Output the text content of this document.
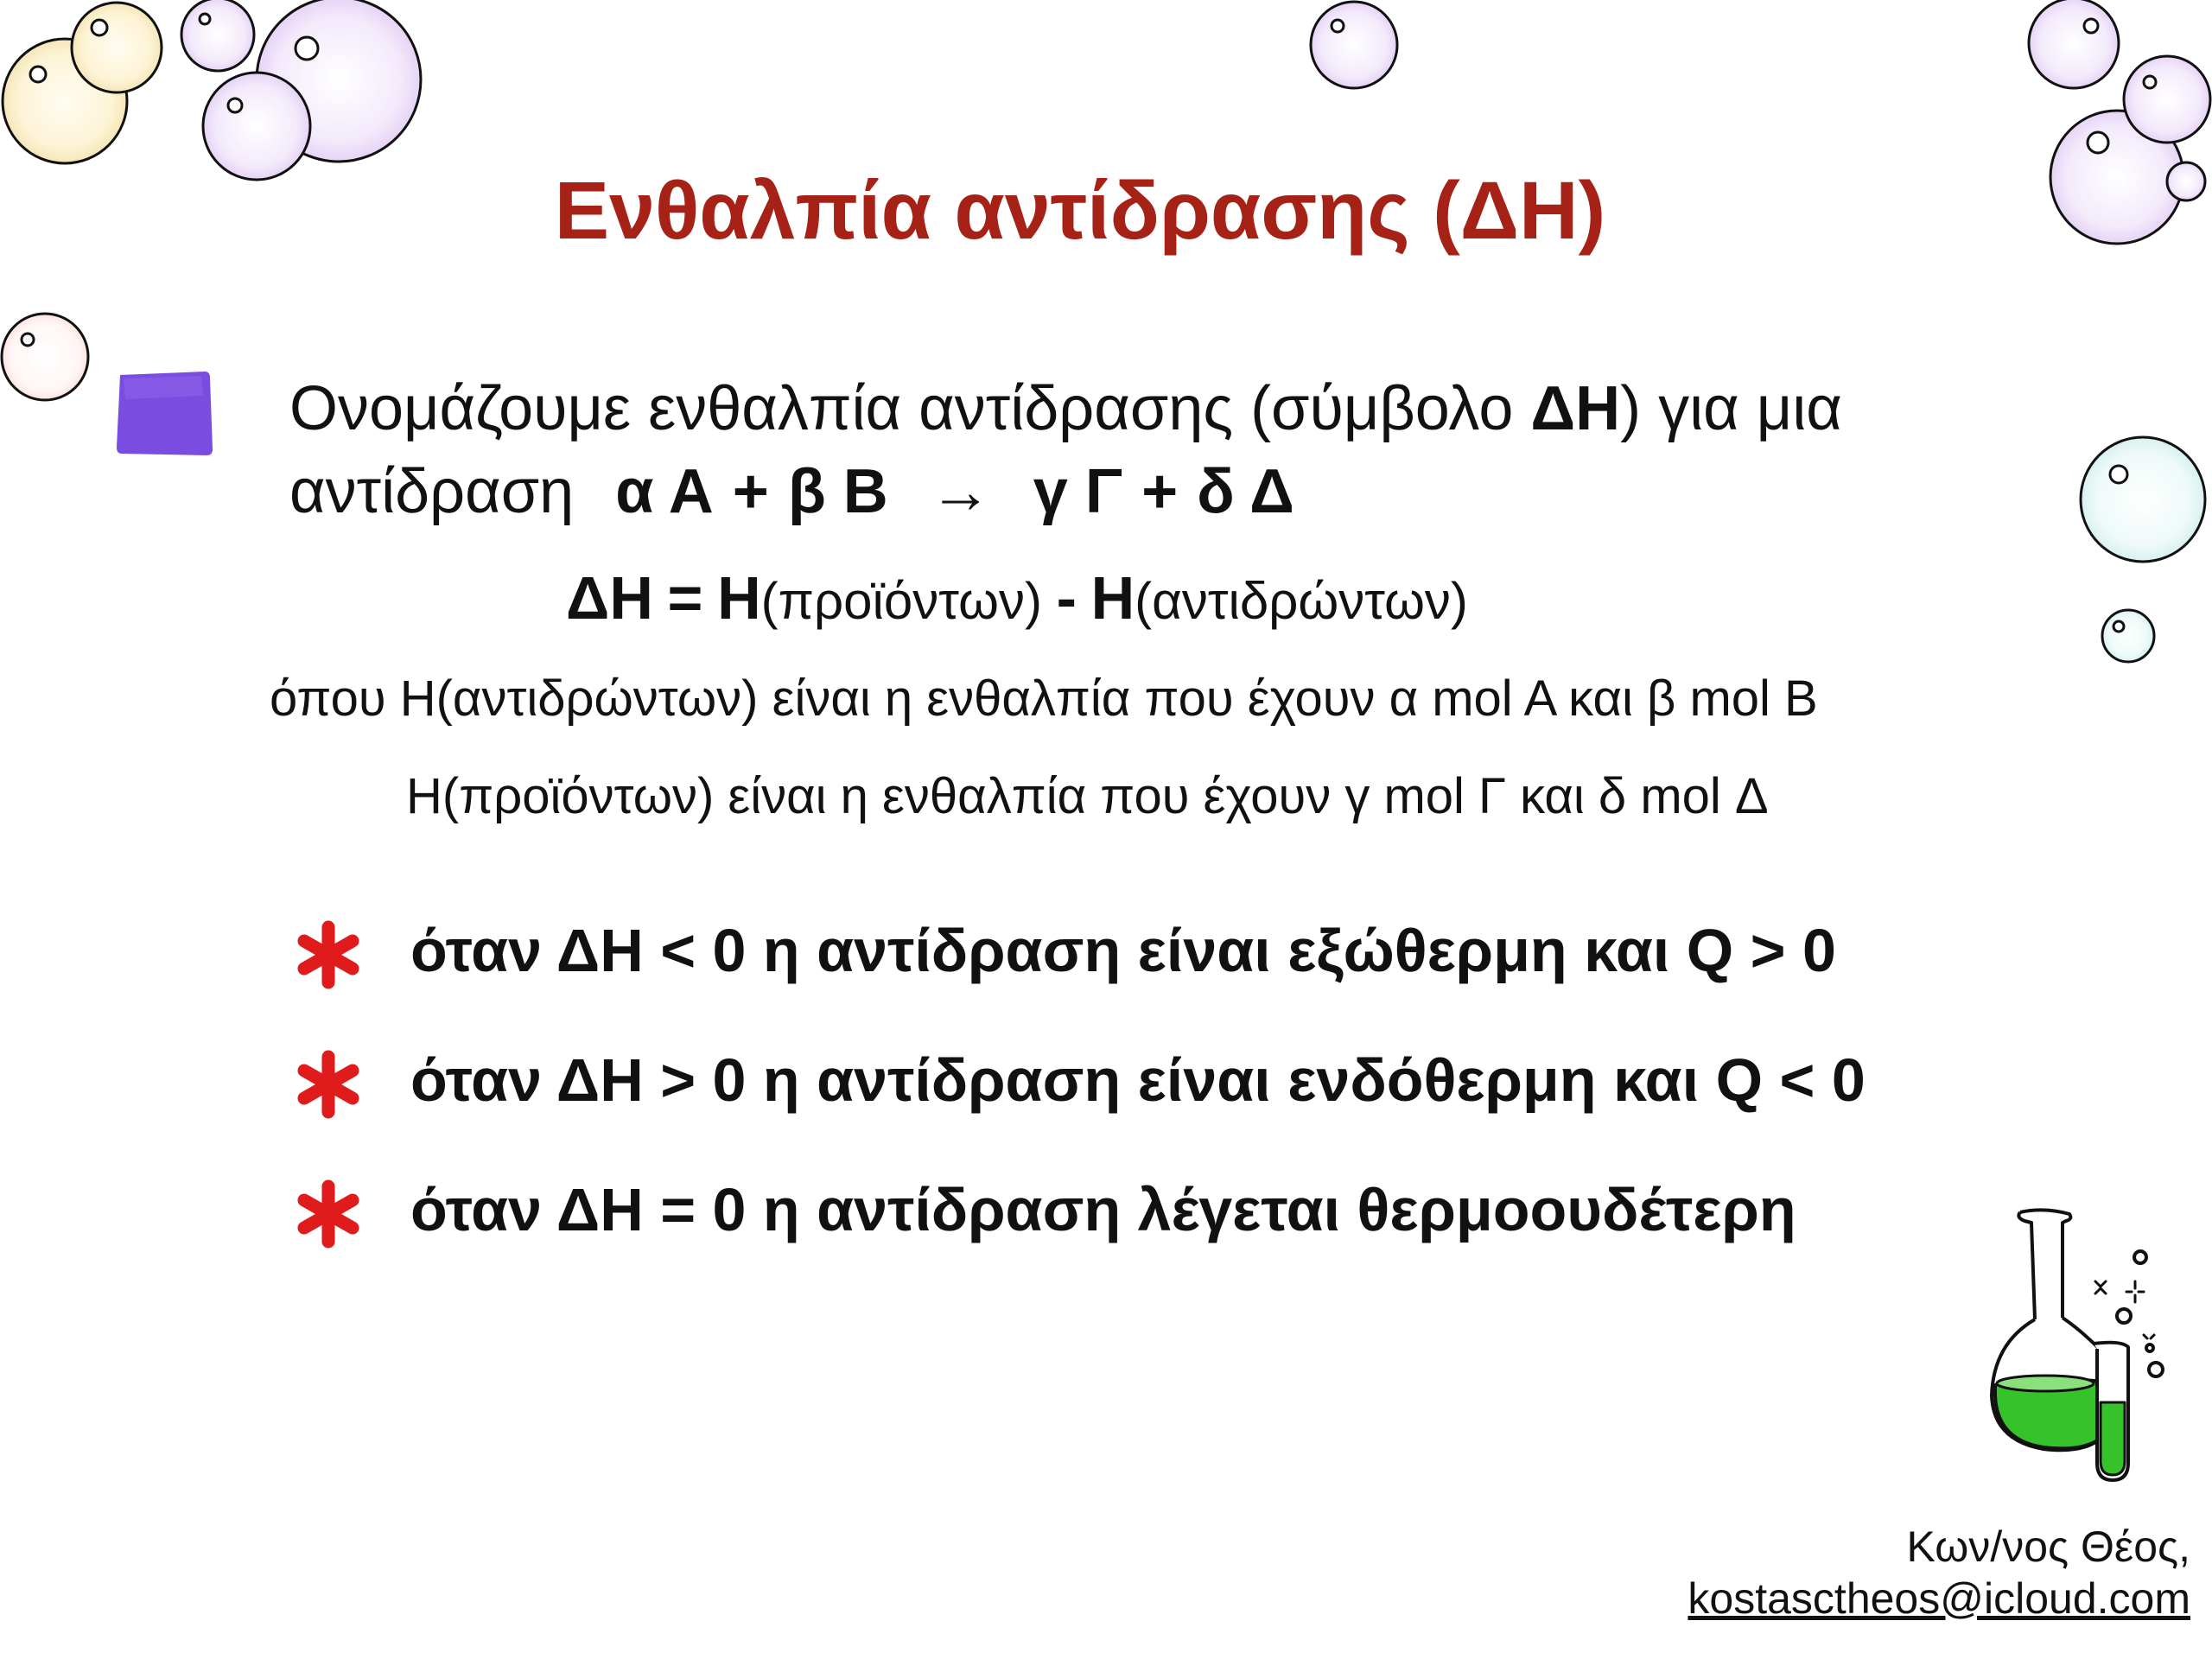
Ενθαλπία αντίδρασης (ΔΗ)
Ονομάζουμε ενθαλπία αντίδρασης (σύμβολο ΔΗ) για μια
αντίδραση α Α + β Β → γ Γ + δ Δ
ΔΗ = Η(προϊόντων) - Η(αντιδρώντων)
όπου Η(αντιδρώντων) είναι η ενθαλπία που έχουν α mol A και β mol B
Η(προϊόντων) είναι η ενθαλπία που έχουν γ mol Γ και δ mol Δ
όταν ΔΗ < 0 η αντίδραση είναι εξώθερμη και Q > 0
όταν ΔΗ > 0 η αντίδραση είναι ενδόθερμη και Q < 0
όταν ΔΗ = 0 η αντίδραση λέγεται θερμοουδέτερη
Κων/νος Θέος,
kostasctheos@icloud.com
